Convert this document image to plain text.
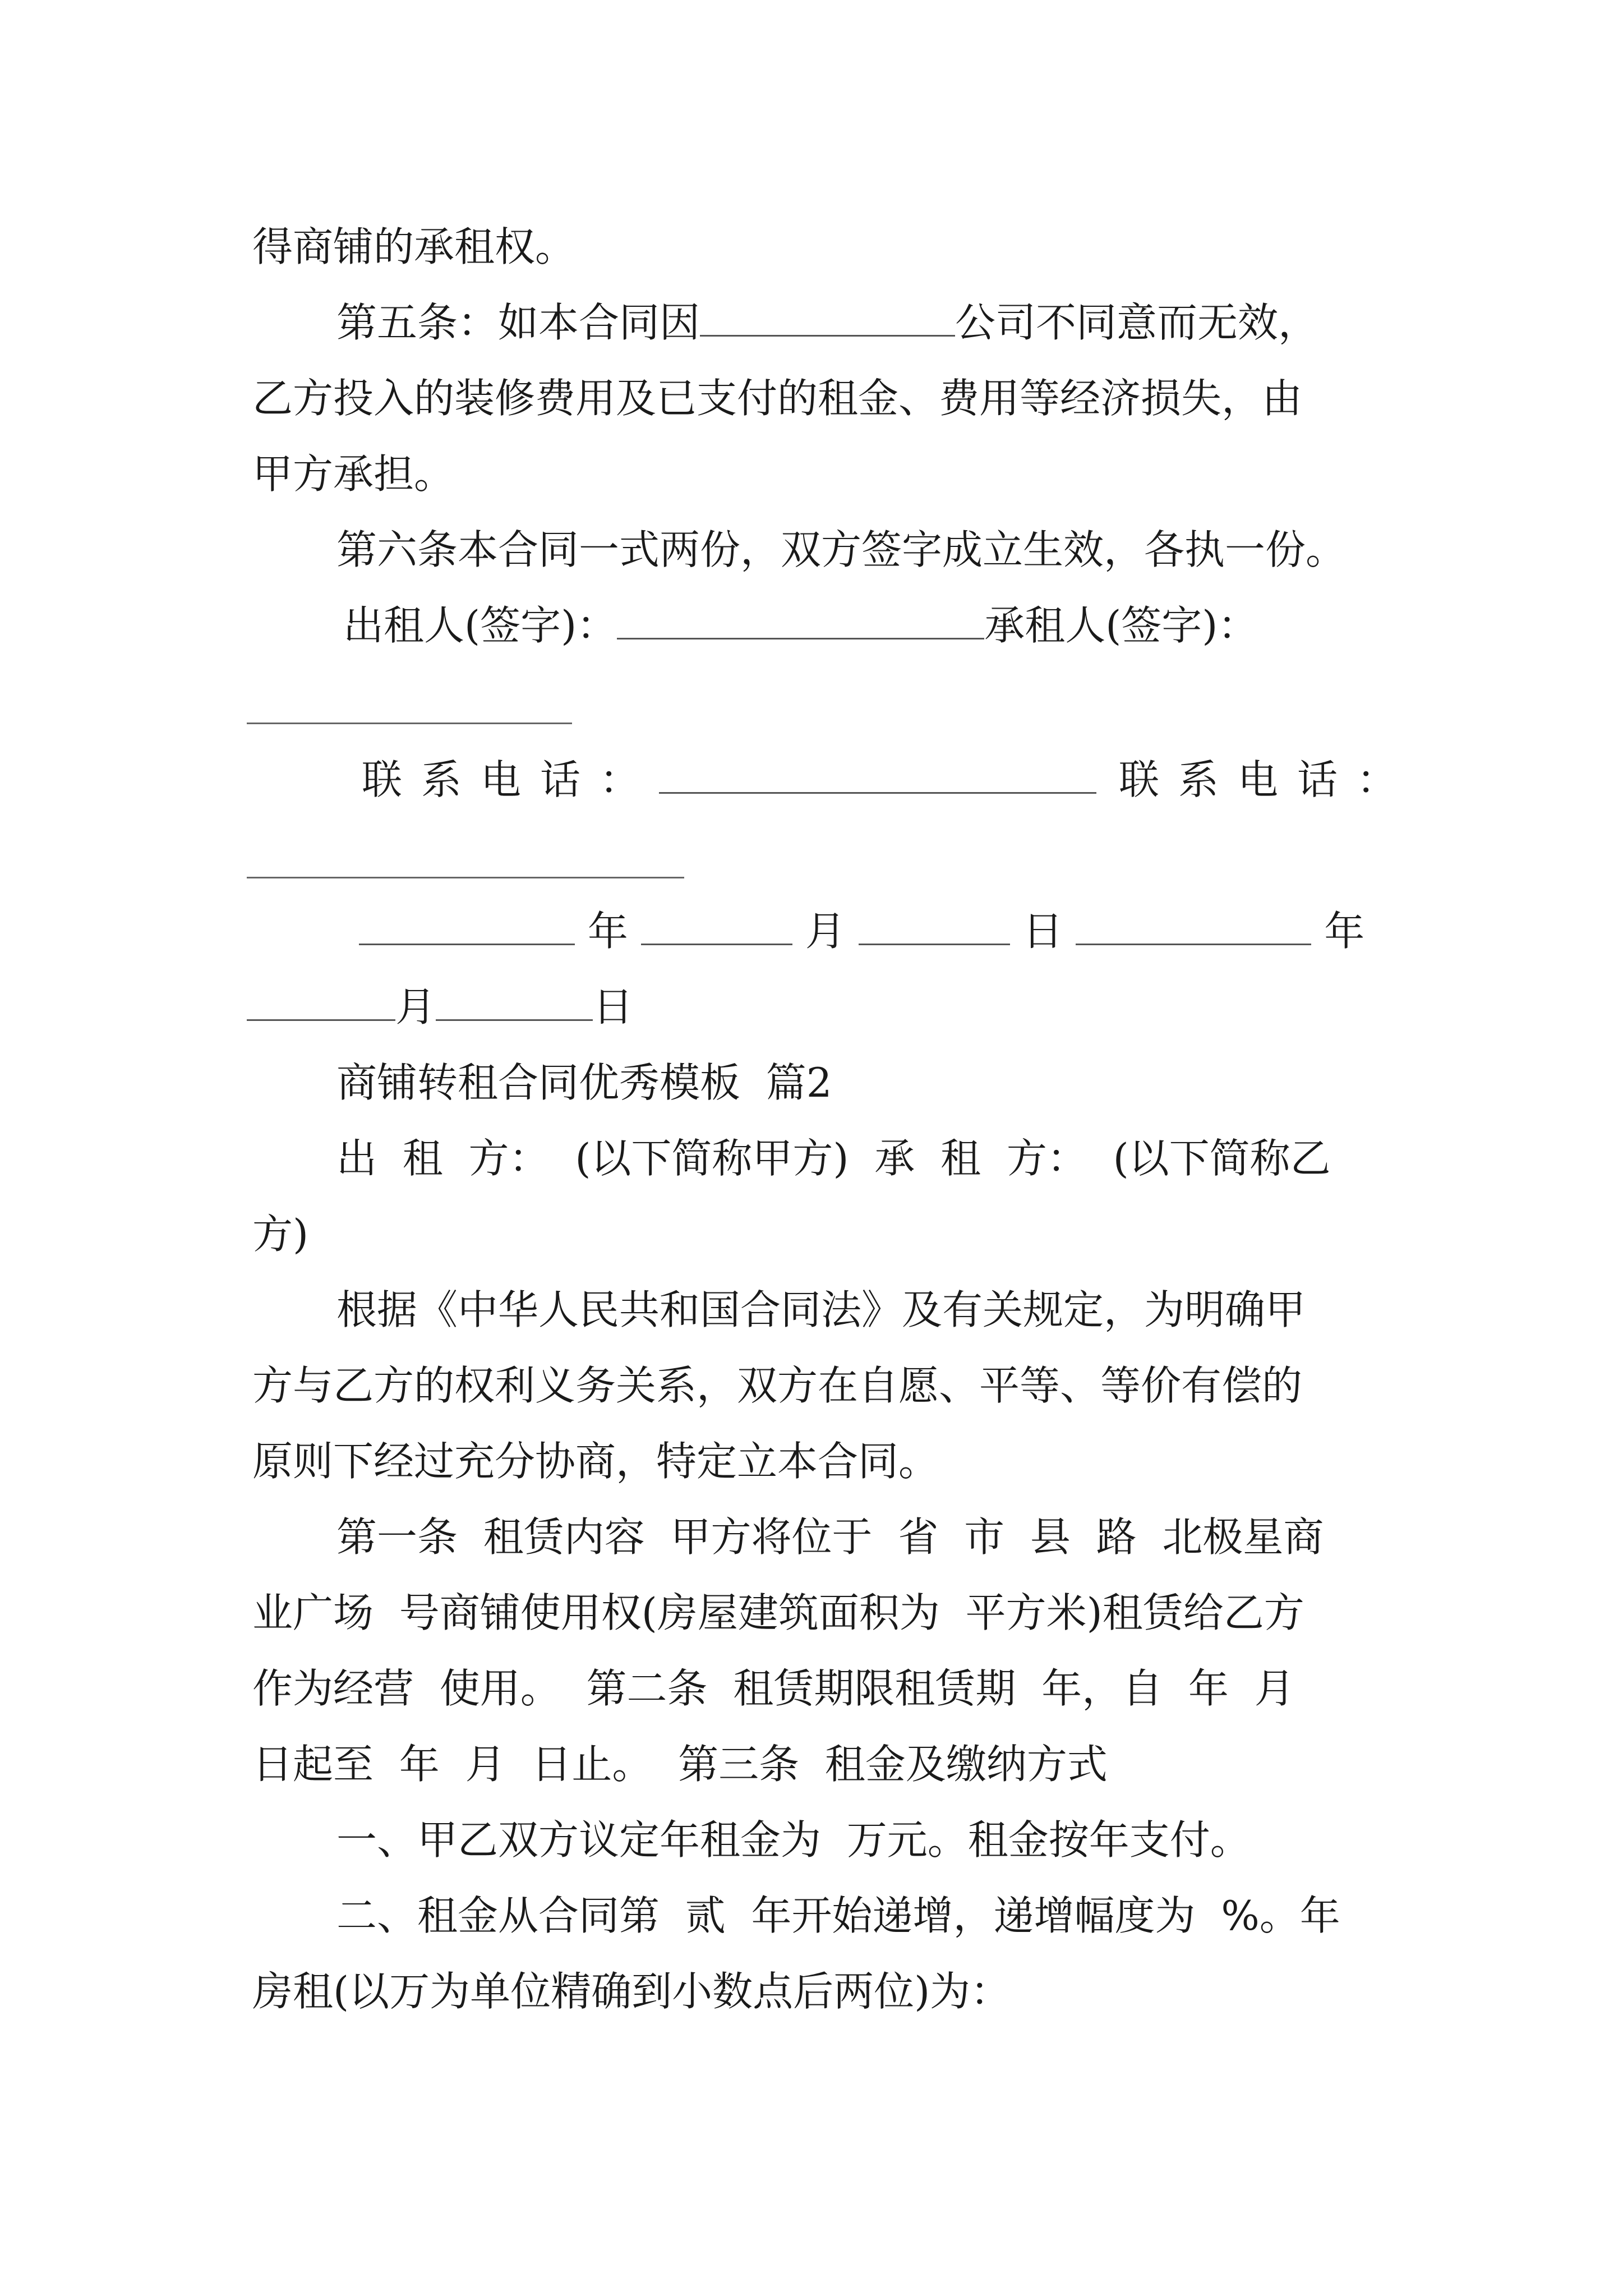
得商铺的承租权。
第五条：如本合同因	公司不同意而无效，
乙方投入的装修费用及已支付的租金、费用等经济损失，由
甲方承担。
第六条本合同一式两份，双方签字成立生效，各执一份。
出租人(签字)：	承租人(签字)：
联系电话：	联系电话：
年	月	日	年
月	日
商铺转租合同优秀模板  篇2
出  租  方：  (以下简称甲方)  承  租  方：  (以下简称乙
方)
根据《中华人民共和国合同法》及有关规定，为明确甲
方与乙方的权利义务关系，双方在自愿、平等、等价有偿的
原则下经过充分协商，特定立本合同。
第一条  租赁内容  甲方将位于  省  市  县  路  北极星商
业广场  号商铺使用权(房屋建筑面积为  平方米)租赁给乙方
作为经营  使用。  第二条  租赁期限租赁期  年，自  年  月
日起至  年  月  日止。  第三条  租金及缴纳方式
一、甲乙双方议定年租金为  万元。租金按年支付。
二、租金从合同第  贰  年开始递增，递增幅度为  %。年
房租(以万为单位精确到小数点后两位)为：
